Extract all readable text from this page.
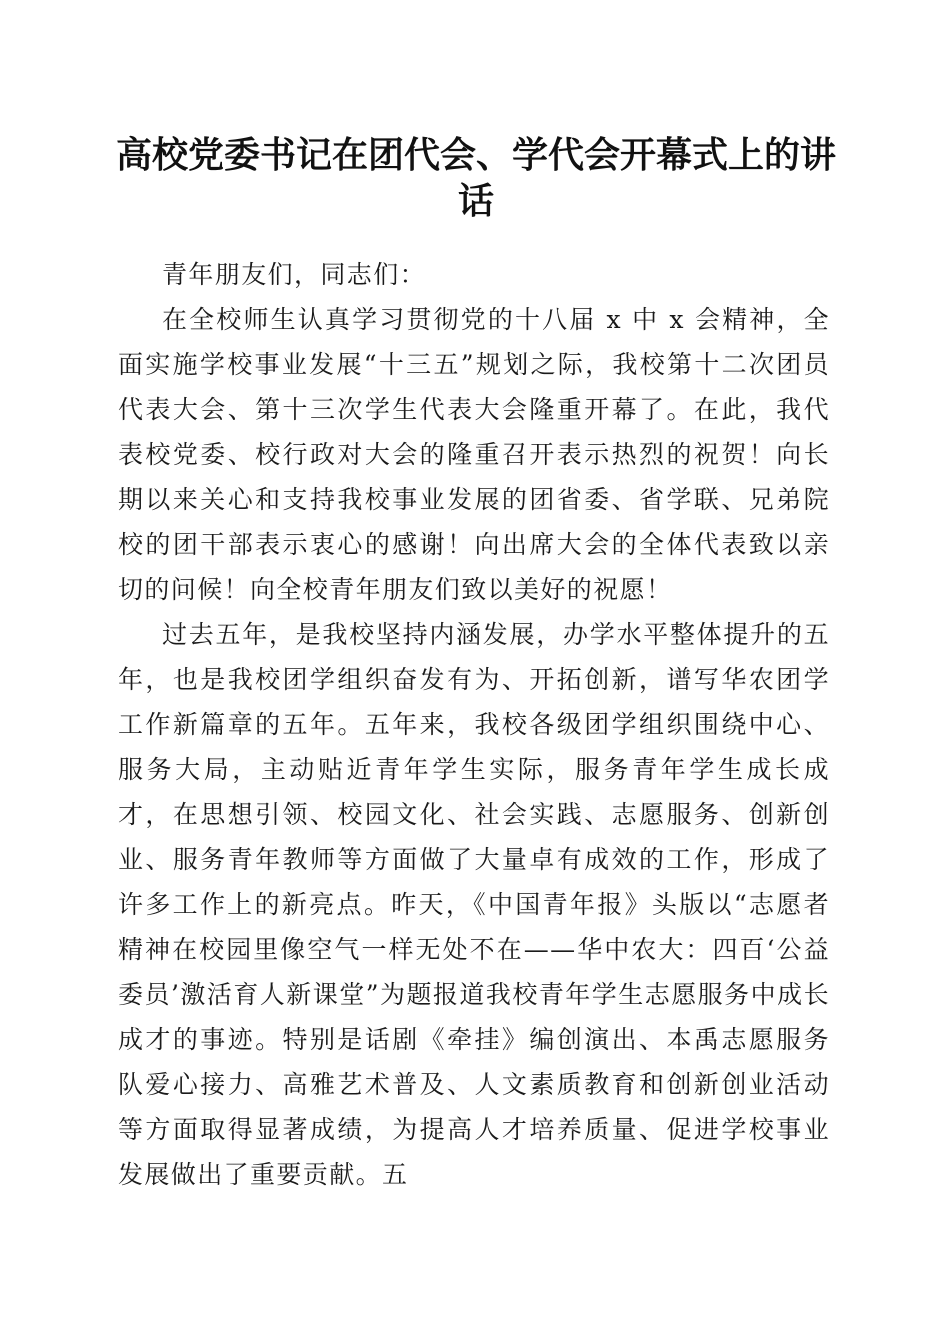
高校党委书记在团代会、学代会开幕式上的讲话

青年朋友们，同志们：

在全校师生认真学习贯彻党的十八届 x 中 x 会精神，全面实施学校事业发展“十三五”规划之际，我校第十二次团员代表大会、第十三次学生代表大会隆重开幕了。在此，我代表校党委、校行政对大会的隆重召开表示热烈的祝贺！向长期以来关心和支持我校事业发展的团省委、省学联、兄弟院校的团干部表示衷心的感谢！向出席大会的全体代表致以亲切的问候！向全校青年朋友们致以美好的祝愿！

过去五年，是我校坚持内涵发展，办学水平整体提升的五年，也是我校团学组织奋发有为、开拓创新，谱写华农团学工作新篇章的五年。五年来，我校各级团学组织围绕中心、服务大局，主动贴近青年学生实际，服务青年学生成长成才，在思想引领、校园文化、社会实践、志愿服务、创新创业、服务青年教师等方面做了大量卓有成效的工作，形成了许多工作上的新亮点。昨天，《中国青年报》头版以“志愿者精神在校园里像空气一样无处不在——华中农大：四百‘公益委员’激活育人新课堂”为题报道我校青年学生志愿服务中成长成才的事迹。特别是话剧《牵挂》编创演出、本禹志愿服务队爱心接力、高雅艺术普及、人文素质教育和创新创业活动等方面取得显著成绩，为提高人才培养质量、促进学校事业发展做出了重要贡献。五
